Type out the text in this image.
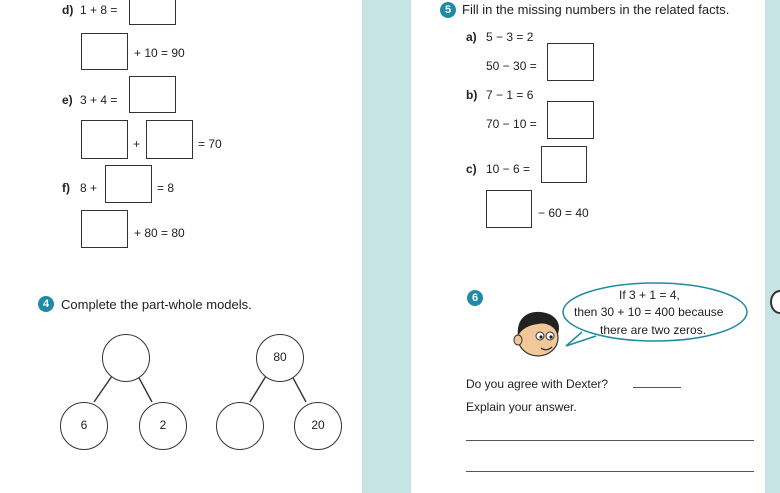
d) 1 + 8 =
+ 10 = 90
e) 3 + 4 =
+	= 70
f) 8 +	= 8
+ 80 = 80
4 Complete the part-whole models.
6	2
80
20
5 Fill in the missing numbers in the related facts.
a) 5 − 3 = 2
50 − 30 =
b) 7 − 1 = 6
70 − 10 =
c) 10 − 6 =
− 60 = 40
6	If 3 + 1 = 4,
then 30 + 10 = 400 because
there are two zeros.
Do you agree with Dexter?
Explain your answer.
